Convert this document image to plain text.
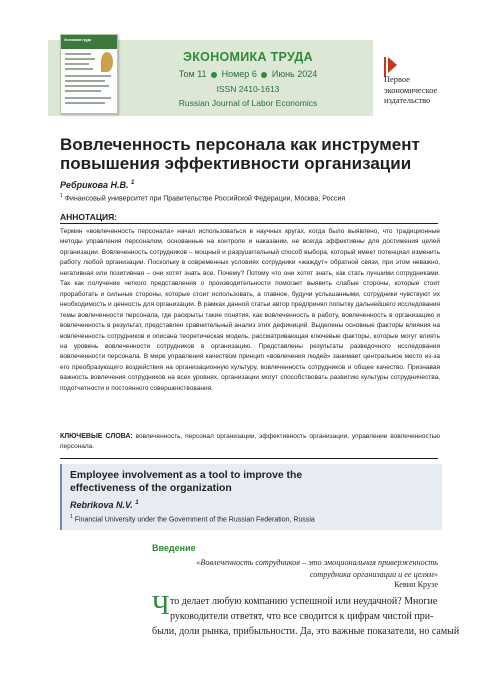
Экономика труда
ЭКОНОМИКА ТРУДА
Том 11 Номер 6 Июнь 2024
ISSN 2410-1613
Russian Journal of Labor Economics
Первое
экономическое
издательство
Вовлеченность персонала как инструмент повышения эффективности организации
Ребрикова Н.В. $^1$
$^1$ Финансовый университет при Правительстве Российской Федерации, Москва, Россия
АННОТАЦИЯ:
Термин «вовлеченность персонала» начал использоваться в научных кругах, когда было выявлено, что традиционные методы управления персоналом, основанные на контроле и наказании, не всегда эффективны для достижения целей организации. Вовлеченность сотрудников – мощный и разрушительный способ выбора, который имеет потенциал изменить работу любой организации. Поскольку в современных условиях сотрудники «жаждут» обратной связи, при этом неважно, негативная или позитивная – они хотят знать все. Почему? Потому что они хотят знать, как стать лучшими сотрудниками. Так как получение четкого представления о производительности помогает выявить слабые стороны, которые стоит проработать и сильные стороны, которые стоит использовать, а главное, будучи услышанными, сотрудники чувствуют их необходимость и ценность для организации. В рамках данной статьи автор предпринял попытку дальнейшего исследования темы вовлеченности персонала, где раскрыты такие понятия, как вовлеченность в работу, вовлеченность в организацию и вовлеченность в результат, представлен сравнительный анализ этих дефиниций. Выделены основные факторы влияния на вовлеченность сотрудников и описана теоретическая модель, рассматривающая ключевые факторы, которые могут влиять на уровень вовлеченности сотрудников в организацию. Представлены результаты разведочного исследования вовлеченности персонала. В мире управления качеством принцип «вовлечения людей» занимает центральное место из-за его преобразующего воздействия на организационную культуру, вовлеченность сотрудников и общее качество. Признавая важность вовлечения сотрудников на всех уровнях, организации могут способствовать развитию культуры сотрудничества, подотчетности и постоянного совершенствования.
КЛЮЧЕВЫЕ СЛОВА: вовлеченность, персонал организации, эффективность организации, управление вовлеченностью персонала.
Employee involvement as a tool to improve the effectiveness of the organization
Rebrikova N.V. $^1$
$^1$ Financial University under the Government of the Russian Federation, Russia
Введение
«Вовлеченность сотрудников – это эмоциональная приверженность
сотрудника организации и ее целям»
Кевин Крузе
Ч то делает любую компанию успешной или неудачной? Многие
руководители ответят, что все сводится к цифрам чистой при-
были, доли рынка, прибыльности. Да, это важные показатели, но самый
